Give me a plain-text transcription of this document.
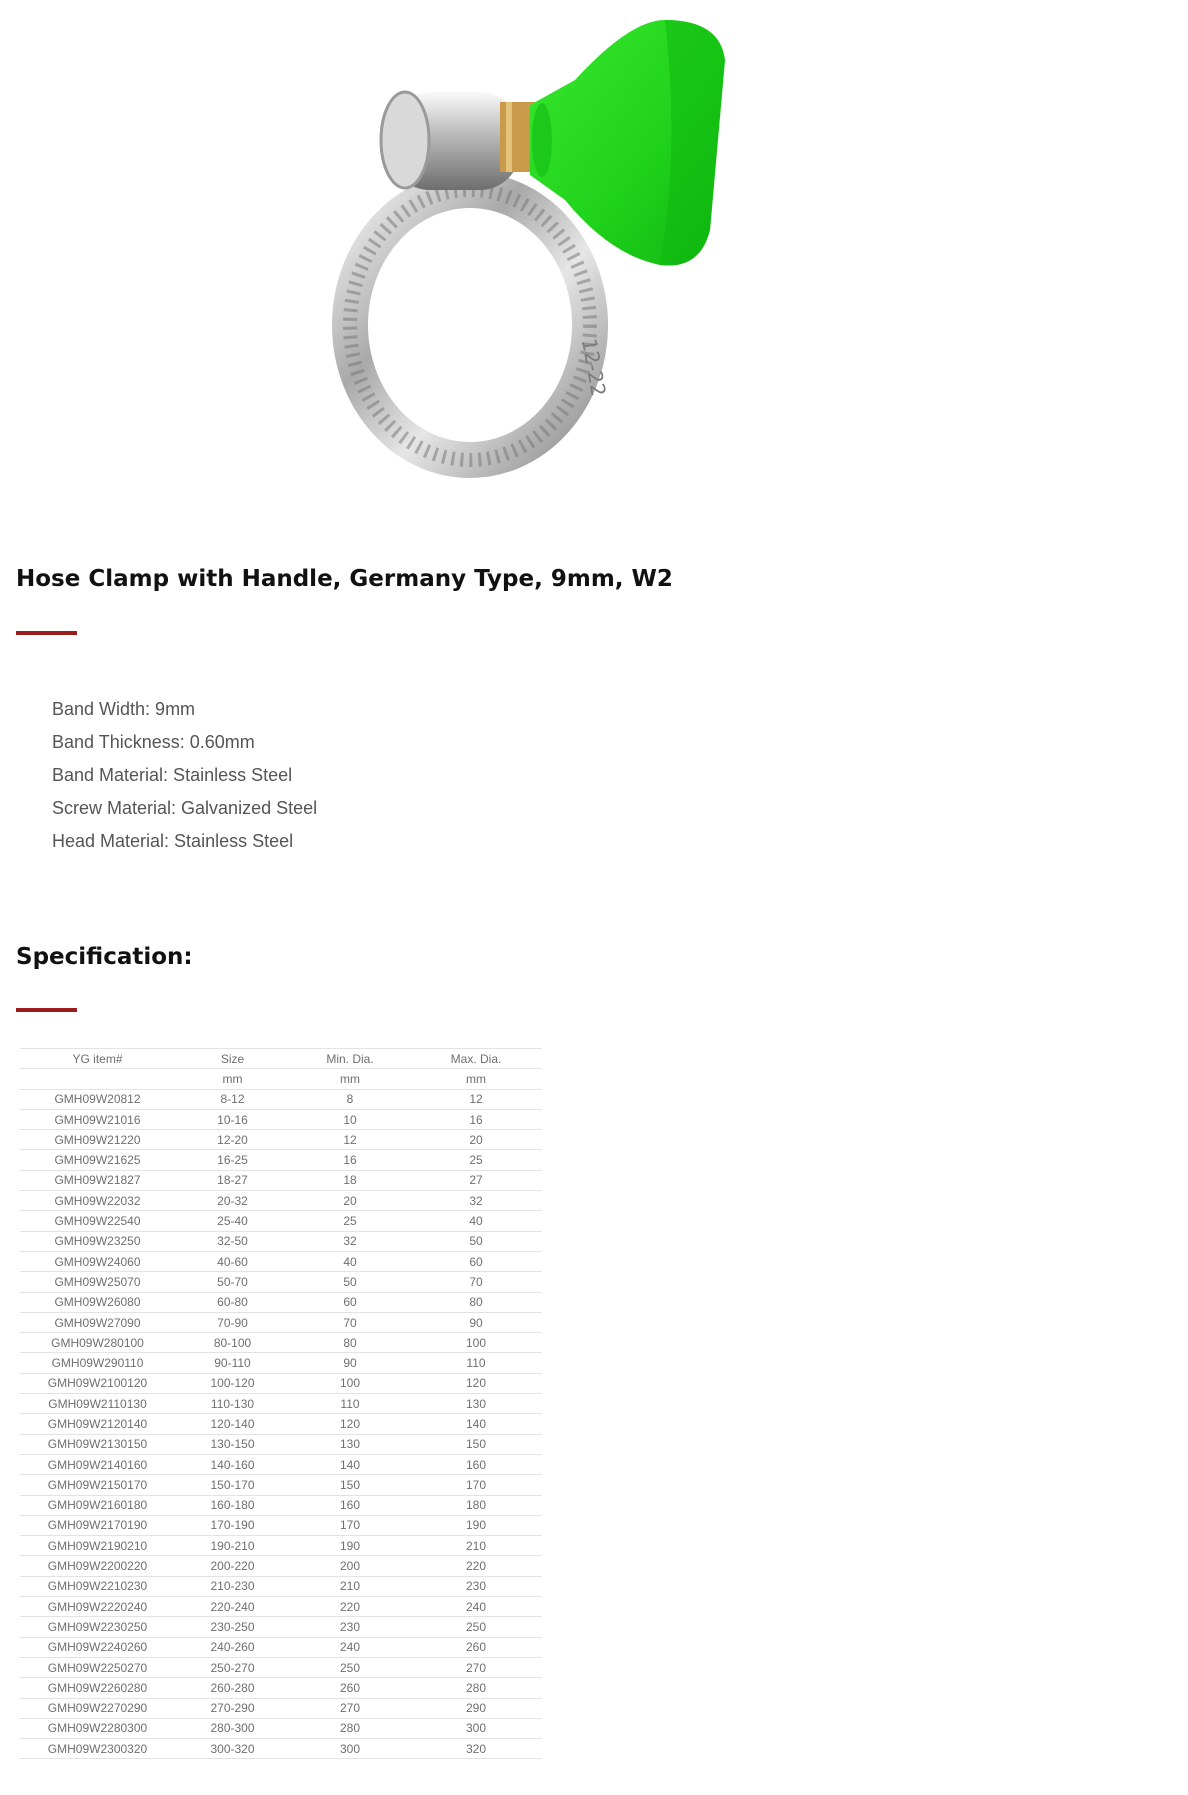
12-22
Hose Clamp with Handle, Germany Type, 9mm, W2
Band Width: 9mm
Band Thickness: 0.60mm
Band Material: Stainless Steel
Screw Material: Galvanized Steel
Head Material: Stainless Steel
Specification:
YG item#	Size	Min. Dia.	Max. Dia.
	mm	mm	mm
GMH09W20812	8-12	8	12
GMH09W21016	10-16	10	16
GMH09W21220	12-20	12	20
GMH09W21625	16-25	16	25
GMH09W21827	18-27	18	27
GMH09W22032	20-32	20	32
GMH09W22540	25-40	25	40
GMH09W23250	32-50	32	50
GMH09W24060	40-60	40	60
GMH09W25070	50-70	50	70
GMH09W26080	60-80	60	80
GMH09W27090	70-90	70	90
GMH09W280100	80-100	80	100
GMH09W290110	90-110	90	110
GMH09W2100120	100-120	100	120
GMH09W2110130	110-130	110	130
GMH09W2120140	120-140	120	140
GMH09W2130150	130-150	130	150
GMH09W2140160	140-160	140	160
GMH09W2150170	150-170	150	170
GMH09W2160180	160-180	160	180
GMH09W2170190	170-190	170	190
GMH09W2190210	190-210	190	210
GMH09W2200220	200-220	200	220
GMH09W2210230	210-230	210	230
GMH09W2220240	220-240	220	240
GMH09W2230250	230-250	230	250
GMH09W2240260	240-260	240	260
GMH09W2250270	250-270	250	270
GMH09W2260280	260-280	260	280
GMH09W2270290	270-290	270	290
GMH09W2280300	280-300	280	300
GMH09W2300320	300-320	300	320
